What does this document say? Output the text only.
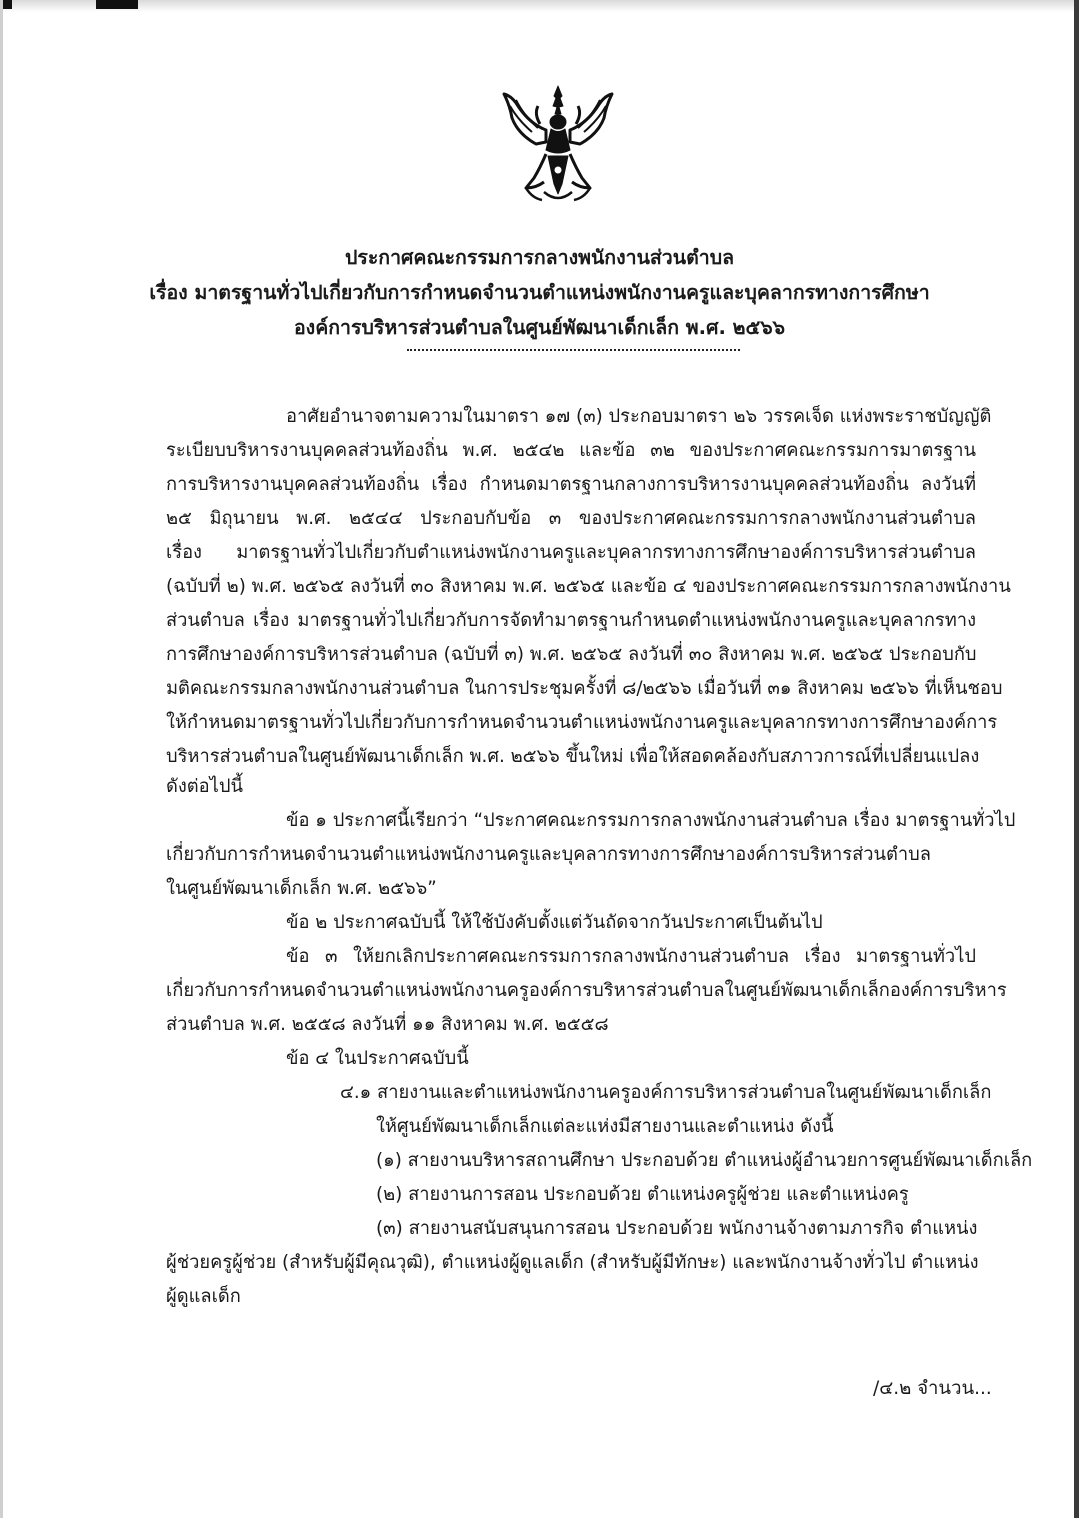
ประกาศคณะกรรมการกลางพนักงานส่วนตำบล
เรื่อง มาตรฐานทั่วไปเกี่ยวกับการกำหนดจำนวนตำแหน่งพนักงานครูและบุคลากรทางการศึกษา
องค์การบริหารส่วนตำบลในศูนย์พัฒนาเด็กเล็ก พ.ศ. ๒๕๖๖
อาศัยอำนาจตามความในมาตรา ๑๗ (๓) ประกอบมาตรา ๒๖ วรรคเจ็ด แห่งพระราชบัญญัติ
ระเบียบบริหารงานบุคคลส่วนท้องถิ่น พ.ศ. ๒๕๔๒ และข้อ ๓๒ ของประกาศคณะกรรมการมาตรฐาน
การบริหารงานบุคคลส่วนท้องถิ่น เรื่อง กำหนดมาตรฐานกลางการบริหารงานบุคคลส่วนท้องถิ่น ลงวันที่
๒๕ มิถุนายน พ.ศ. ๒๕๔๔ ประกอบกับข้อ ๓ ของประกาศคณะกรรมการกลางพนักงานส่วนตำบล
เรื่อง มาตรฐานทั่วไปเกี่ยวกับตำแหน่งพนักงานครูและบุคลากรทางการศึกษาองค์การบริหารส่วนตำบล
(ฉบับที่ ๒) พ.ศ. ๒๕๖๕ ลงวันที่ ๓๐ สิงหาคม พ.ศ. ๒๕๖๕ และข้อ ๔ ของประกาศคณะกรรมการกลางพนักงาน
ส่วนตำบล เรื่อง มาตรฐานทั่วไปเกี่ยวกับการจัดทำมาตรฐานกำหนดตำแหน่งพนักงานครูและบุคลากรทาง
การศึกษาองค์การบริหารส่วนตำบล (ฉบับที่ ๓) พ.ศ. ๒๕๖๕ ลงวันที่ ๓๐ สิงหาคม พ.ศ. ๒๕๖๕ ประกอบกับ
มติคณะกรรมกลางพนักงานส่วนตำบล ในการประชุมครั้งที่ ๘/๒๕๖๖ เมื่อวันที่ ๓๑ สิงหาคม ๒๕๖๖ ที่เห็นชอบ
ให้กำหนดมาตรฐานทั่วไปเกี่ยวกับการกำหนดจำนวนตำแหน่งพนักงานครูและบุคลากรทางการศึกษาองค์การ
บริหารส่วนตำบลในศูนย์พัฒนาเด็กเล็ก พ.ศ. ๒๕๖๖ ขึ้นใหม่ เพื่อให้สอดคล้องกับสภาวการณ์ที่เปลี่ยนแปลง
ดังต่อไปนี้
ข้อ ๑ ประกาศนี้เรียกว่า “ประกาศคณะกรรมการกลางพนักงานส่วนตำบล เรื่อง มาตรฐานทั่วไป
เกี่ยวกับการกำหนดจำนวนตำแหน่งพนักงานครูและบุคลากรทางการศึกษาองค์การบริหารส่วนตำบล
ในศูนย์พัฒนาเด็กเล็ก พ.ศ. ๒๕๖๖”
ข้อ ๒ ประกาศฉบับนี้ ให้ใช้บังคับตั้งแต่วันถัดจากวันประกาศเป็นต้นไป
ข้อ ๓ ให้ยกเลิกประกาศคณะกรรมการกลางพนักงานส่วนตำบล เรื่อง มาตรฐานทั่วไป
เกี่ยวกับการกำหนดจำนวนตำแหน่งพนักงานครูองค์การบริหารส่วนตำบลในศูนย์พัฒนาเด็กเล็กองค์การบริหาร
ส่วนตำบล พ.ศ. ๒๕๕๘ ลงวันที่ ๑๑ สิงหาคม พ.ศ. ๒๕๕๘
ข้อ ๔ ในประกาศฉบับนี้
๔.๑ สายงานและตำแหน่งพนักงานครูองค์การบริหารส่วนตำบลในศูนย์พัฒนาเด็กเล็ก
ให้ศูนย์พัฒนาเด็กเล็กแต่ละแห่งมีสายงานและตำแหน่ง ดังนี้
(๑) สายงานบริหารสถานศึกษา ประกอบด้วย ตำแหน่งผู้อำนวยการศูนย์พัฒนาเด็กเล็ก
(๒) สายงานการสอน ประกอบด้วย ตำแหน่งครูผู้ช่วย และตำแหน่งครู
(๓) สายงานสนับสนุนการสอน ประกอบด้วย พนักงานจ้างตามภารกิจ ตำแหน่ง
ผู้ช่วยครูผู้ช่วย (สำหรับผู้มีคุณวุฒิ), ตำแหน่งผู้ดูแลเด็ก (สำหรับผู้มีทักษะ) และพนักงานจ้างทั่วไป ตำแหน่ง
ผู้ดูแลเด็ก
/๔.๒ จำนวน...
